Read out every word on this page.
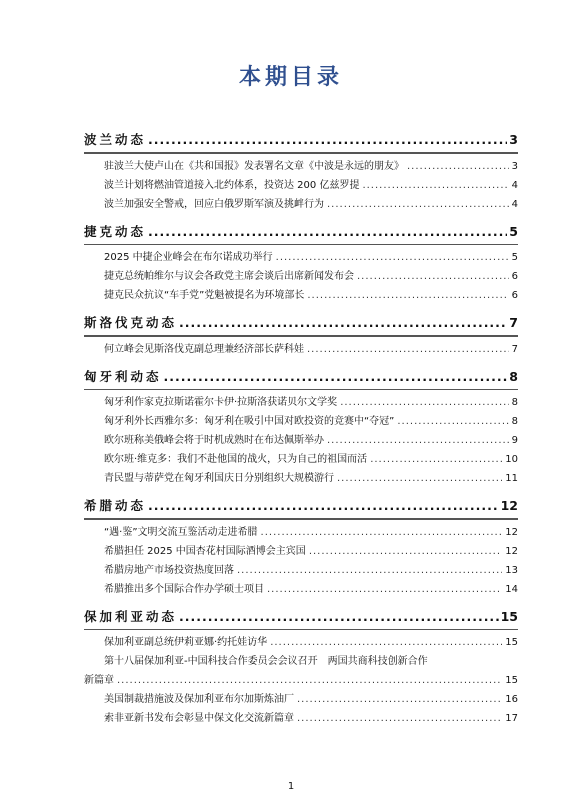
本期目录
波兰动态 .....	3
驻波兰大使卢山在《共和国报》发表署名文章《中波是永远的朋友》 .....	3
波兰计划将燃油管道接入北约体系，投资达 200 亿兹罗提 .....	4
波兰加强安全警戒，回应白俄罗斯军演及挑衅行为 .....	4
捷克动态 .....	5
2025 中捷企业峰会在布尔诺成功举行 .....	5
捷克总统帕维尔与议会各政党主席会谈后出席新闻发布会 .....	6
捷克民众抗议“车手党”党魁被提名为环境部长 .....	6
斯洛伐克动态 .....	7
何立峰会见斯洛伐克副总理兼经济部长萨科娃 .....	7
匈牙利动态 .....	8
匈牙利作家克拉斯诺霍尔卡伊·拉斯洛获诺贝尔文学奖 .....	8
匈牙利外长西雅尔多：匈牙利在吸引中国对欧投资的竞赛中“夺冠” .....	8
欧尔班称美俄峰会将于时机成熟时在布达佩斯举办 .....	9
欧尔班·维克多：我们不赴他国的战火，只为自己的祖国而活 .....	10
青民盟与蒂萨党在匈牙利国庆日分别组织大规模游行 .....	11
希腊动态 .....	12
“遇·鉴”文明交流互鉴活动走进希腊 .....	12
希腊担任 2025 中国杏花村国际酒博会主宾国 .....	12
希腊房地产市场投资热度回落 .....	13
希腊推出多个国际合作办学硕士项目 .....	14
保加利亚动态 .....	15
保加利亚副总统伊莉亚娜·约托娃访华 .....	15
第十八届保加利亚-中国科技合作委员会会议召开　两国共商科技创新合作
新篇章 .....	15
美国制裁措施波及保加利亚布尔加斯炼油厂 .....	16
索非亚新书发布会彰显中保文化交流新篇章 .....	17
1
